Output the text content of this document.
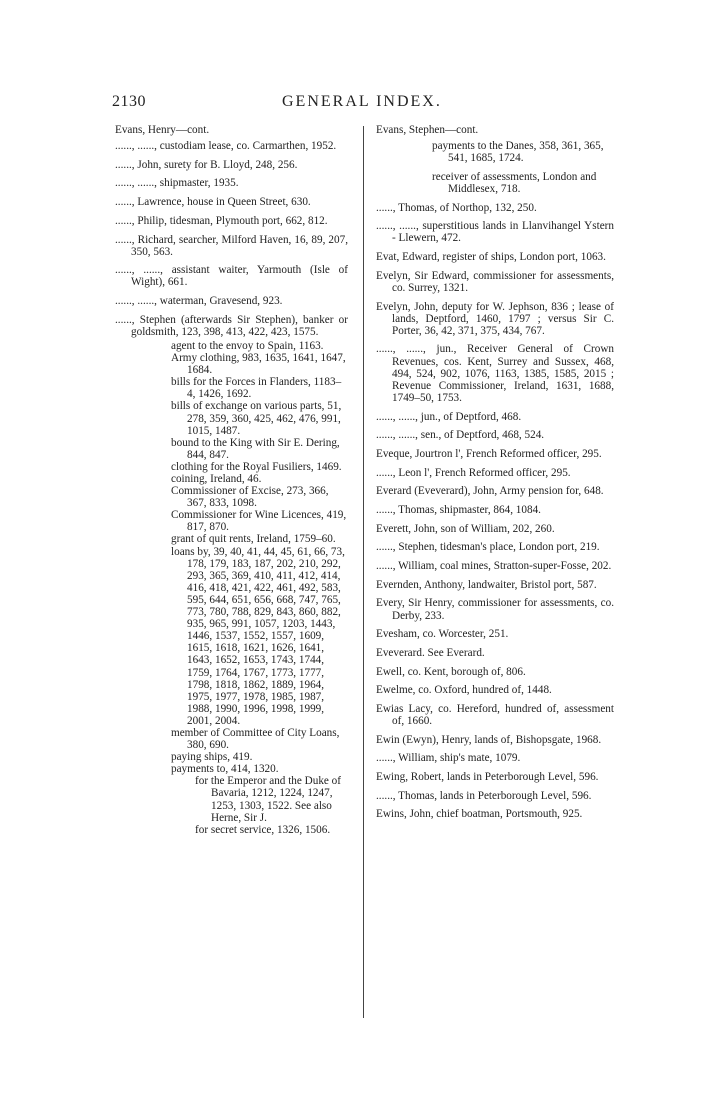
2130	GENERAL INDEX.
Evans, Henry—cont.
......, ......, custodiam lease, co. Carmarthen, 1952.
......, John, surety for B. Lloyd, 248, 256.
......, ......, shipmaster, 1935.
......, Lawrence, house in Queen Street, 630.
......, Philip, tidesman, Plymouth port, 662, 812.
......, Richard, searcher, Milford Haven, 16, 89, 207, 350, 563.
......, ......, assistant waiter, Yarmouth (Isle of Wight), 661.
......, ......, waterman, Gravesend, 923.
......, Stephen (afterwards Sir Stephen), banker or goldsmith, 123, 398, 413, 422, 423, 1575.
agent to the envoy to Spain, 1163.
Army clothing, 983, 1635, 1641, 1647, 1684.
bills for the Forces in Flanders, 1183–4, 1426, 1692.
bills of exchange on various parts, 51, 278, 359, 360, 425, 462, 476, 991, 1015, 1487.
bound to the King with Sir E. Dering, 844, 847.
clothing for the Royal Fusiliers, 1469.
coining, Ireland, 46.
Commissioner of Excise, 273, 366, 367, 833, 1098.
Commissioner for Wine Licences, 419, 817, 870.
grant of quit rents, Ireland, 1759–60.
loans by, 39, 40, 41, 44, 45, 61, 66, 73, 178, 179, 183, 187, 202, 210, 292, 293, 365, 369, 410, 411, 412, 414, 416, 418, 421, 422, 461, 492, 583, 595, 644, 651, 656, 668, 747, 765, 773, 780, 788, 829, 843, 860, 882, 935, 965, 991, 1057, 1203, 1443, 1446, 1537, 1552, 1557, 1609, 1615, 1618, 1621, 1626, 1641, 1643, 1652, 1653, 1743, 1744, 1759, 1764, 1767, 1773, 1777, 1798, 1818, 1862, 1889, 1964, 1975, 1977, 1978, 1985, 1987, 1988, 1990, 1996, 1998, 1999, 2001, 2004.
member of Committee of City Loans, 380, 690.
paying ships, 419.
payments to, 414, 1320.
for the Emperor and the Duke of Bavaria, 1212, 1224, 1247, 1253, 1303, 1522. See also Herne, Sir J.
for secret service, 1326, 1506.
Evans, Stephen—cont.
payments to the Danes, 358, 361, 365, 541, 1685, 1724.
receiver of assessments, London and Middlesex, 718.
......, Thomas, of Northop, 132, 250.
......, ......, superstitious lands in Llanvihangel Ystern - Llewern, 472.
Evat, Edward, register of ships, London port, 1063.
Evelyn, Sir Edward, commissioner for assessments, co. Surrey, 1321.
Evelyn, John, deputy for W. Jephson, 836 ; lease of lands, Deptford, 1460, 1797 ; versus Sir C. Porter, 36, 42, 371, 375, 434, 767.
......, ......, jun., Receiver General of Crown Revenues, cos. Kent, Surrey and Sussex, 468, 494, 524, 902, 1076, 1163, 1385, 1585, 2015 ; Revenue Commissioner, Ireland, 1631, 1688, 1749–50, 1753.
......, ......, jun., of Deptford, 468.
......, ......, sen., of Deptford, 468, 524.
Eveque, Jourtron l', French Reformed officer, 295.
......, Leon l', French Reformed officer, 295.
Everard (Eveverard), John, Army pension for, 648.
......, Thomas, shipmaster, 864, 1084.
Everett, John, son of William, 202, 260.
......, Stephen, tidesman's place, London port, 219.
......, William, coal mines, Stratton-super-Fosse, 202.
Evernden, Anthony, landwaiter, Bristol port, 587.
Every, Sir Henry, commissioner for assessments, co. Derby, 233.
Evesham, co. Worcester, 251.
Eveverard. See Everard.
Ewell, co. Kent, borough of, 806.
Ewelme, co. Oxford, hundred of, 1448.
Ewias Lacy, co. Hereford, hundred of, assessment of, 1660.
Ewin (Ewyn), Henry, lands of, Bishopsgate, 1968.
......, William, ship's mate, 1079.
Ewing, Robert, lands in Peterborough Level, 596.
......, Thomas, lands in Peterborough Level, 596.
Ewins, John, chief boatman, Portsmouth, 925.
